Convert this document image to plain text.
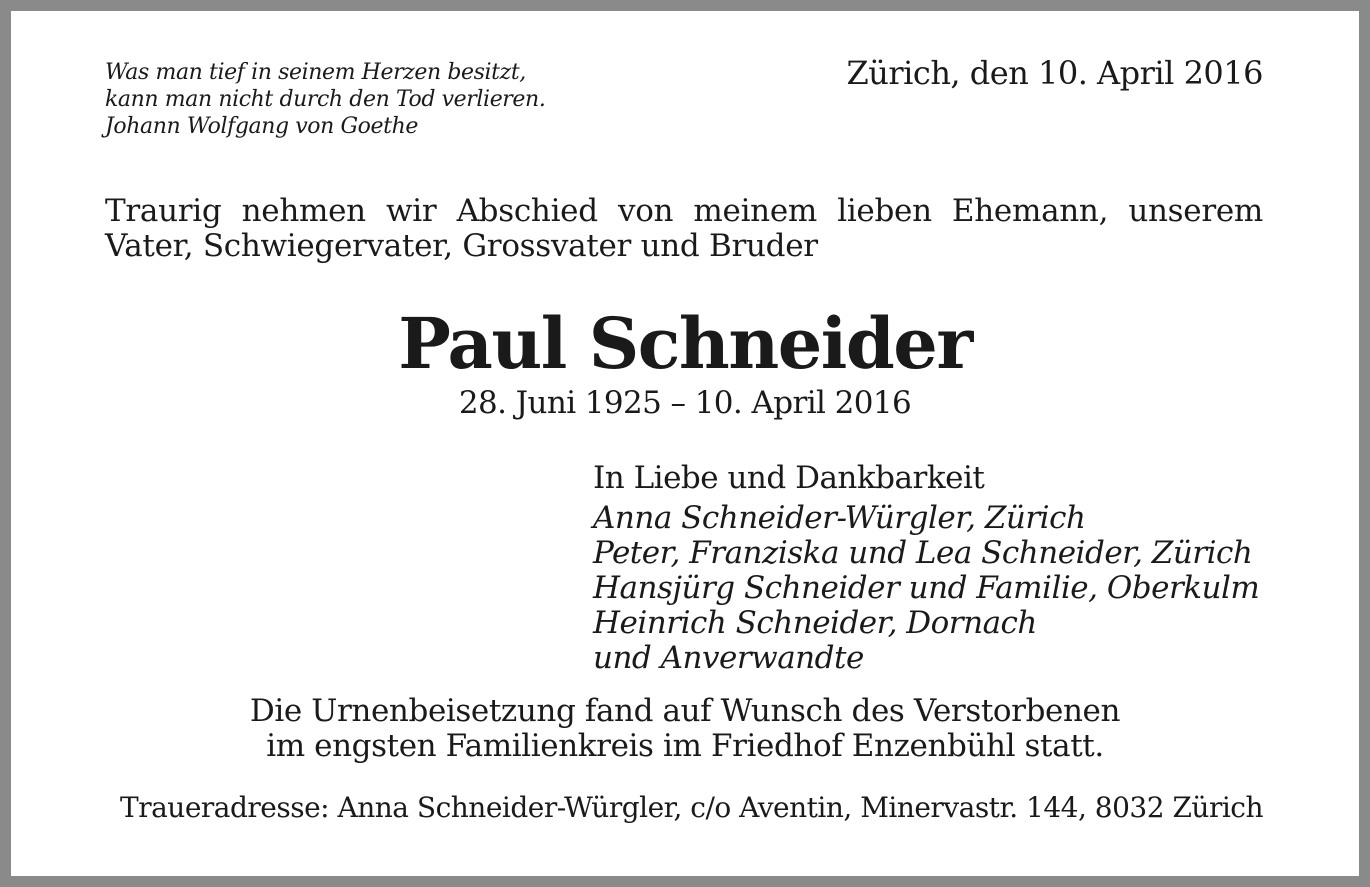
Was man tief in seinem Herzen besitzt,
kann man nicht durch den Tod verlieren.
Johann Wolfgang von Goethe

Zürich, den 10. April 2016

Traurig nehmen wir Abschied von meinem lieben Ehemann, unserem
Vater, Schwiegervater, Grossvater und Bruder
Paul Schneider

28. Juni 1925 – 10. April 2016

In Liebe und Dankbarkeit
Anna Schneider-Würgler, Zürich
Peter, Franziska und Lea Schneider, Zürich
Hansjürg Schneider und Familie, Oberkulm
Heinrich Schneider, Dornach
und Anverwandte
Die Urnenbeisetzung fand auf Wunsch des Verstorbenen
im engsten Familienkreis im Friedhof Enzenbühl statt.

Traueradresse: Anna Schneider-Würgler, c/o Aventin, Minervastr. 144, 8032 Zürich
